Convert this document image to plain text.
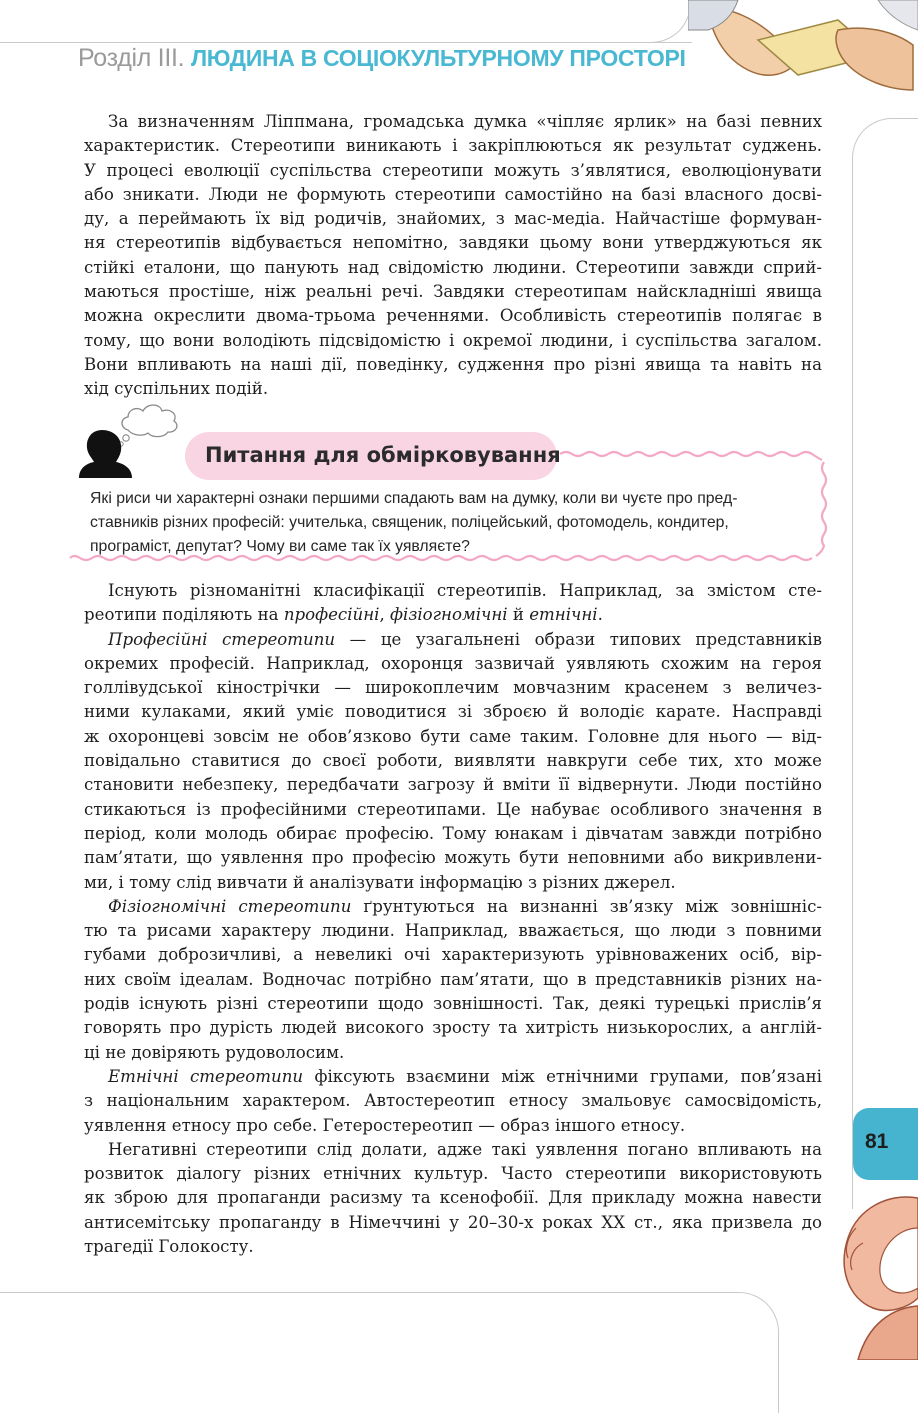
Розділ ІІІ. ЛЮДИНА В СОЦІОКУЛЬТУРНОМУ ПРОСТОРІ
81

За визначенням Ліппмана, громадська думка «чіпляє ярлик» на базі певних

характеристик. Стереотипи виникають і закріплюються як результат суджень.
У процесі еволюції суспільства стереотипи можуть з’являтися, еволюціонувати
або зникати. Люди не формують стереотипи самостійно на базі власного досві-
ду, а переймають їх від родичів, знайомих, з мас-медіа. Найчастіше формуван-
ня стереотипів відбувається непомітно, завдяки цьому вони утверджуються як
стійкі еталони, що панують над свідомістю людини. Стереотипи завжди сприй-
маються простіше, ніж реальні речі. Завдяки стереотипам найскладніші явища
можна окреслити двома-трьома реченнями. Особливість стереотипів полягає в
тому, що вони володіють підсвідомістю і окремої людини, і суспільства загалом.
Вони впливають на наші дії, поведінку, судження про різні явища та навіть на
хід суспільних подій.
Питання для обмірковування
Які риси чи характерні ознаки першими спадають вам на думку, коли ви чуєте про пред-
ставників різних професій: учителька, священик, поліцейський, фотомодель, кондитер,
програміст, депутат? Чому ви саме так їх уявляєте?

Існують різноманітні класифікації стереотипів. Наприклад, за змістом сте-

реотипи поділяють на професійні, фізіогномічні й етнічні.

Професійні стереотипи — це узагальнені образи типових представників

окремих професій. Наприклад, охоронця зазвичай уявляють схожим на героя
голлівудської кінострічки — широкоплечим мовчазним красенем з величез-
ними кулаками, який уміє поводитися зі зброєю й володіє карате. Насправді
ж охоронцеві зовсім не обов’язково бути саме таким. Головне для нього — від-
повідально ставитися до своєї роботи, виявляти навкруги себе тих, хто може
становити небезпеку, передбачати загрозу й вміти її відвернути. Люди постійно
стикаються із професійними стереотипами. Це набуває особливого значення в
період, коли молодь обирає професію. Тому юнакам і дівчатам завжди потрібно
пам’ятати, що уявлення про професію можуть бути неповними або викривлени-
ми, і тому слід вивчати й аналізувати інформацію з різних джерел.

Фізіогномічні стереотипи ґрунтуються на визнанні зв’язку між зовнішніс-

тю та рисами характеру людини. Наприклад, вважається, що люди з повними
губами доброзичливі, а невеликі очі характеризують урівноважених осіб, вір-
них своїм ідеалам. Водночас потрібно пам’ятати, що в представників різних на-
родів існують різні стереотипи щодо зовнішності. Так, деякі турецькі прислів’я
говорять про дурість людей високого зросту та хитрість низькорослих, а англій-
ці не довіряють рудоволосим.

Етнічні стереотипи фіксують взаємини між етнічними групами, пов’язані

з національним характером. Автостереотип етносу змальовує самосвідомість,
уявлення етносу про себе. Гетеростереотип — образ іншого етносу.

Негативні стереотипи слід долати, адже такі уявлення погано впливають на

розвиток діалогу різних етнічних культур. Часто стереотипи використовують
як зброю для пропаганди расизму та ксенофобії. Для прикладу можна навести
антисемітську пропаганду в Німеччині у 20–30-х роках XX ст., яка призвела до
трагедії Голокосту.
